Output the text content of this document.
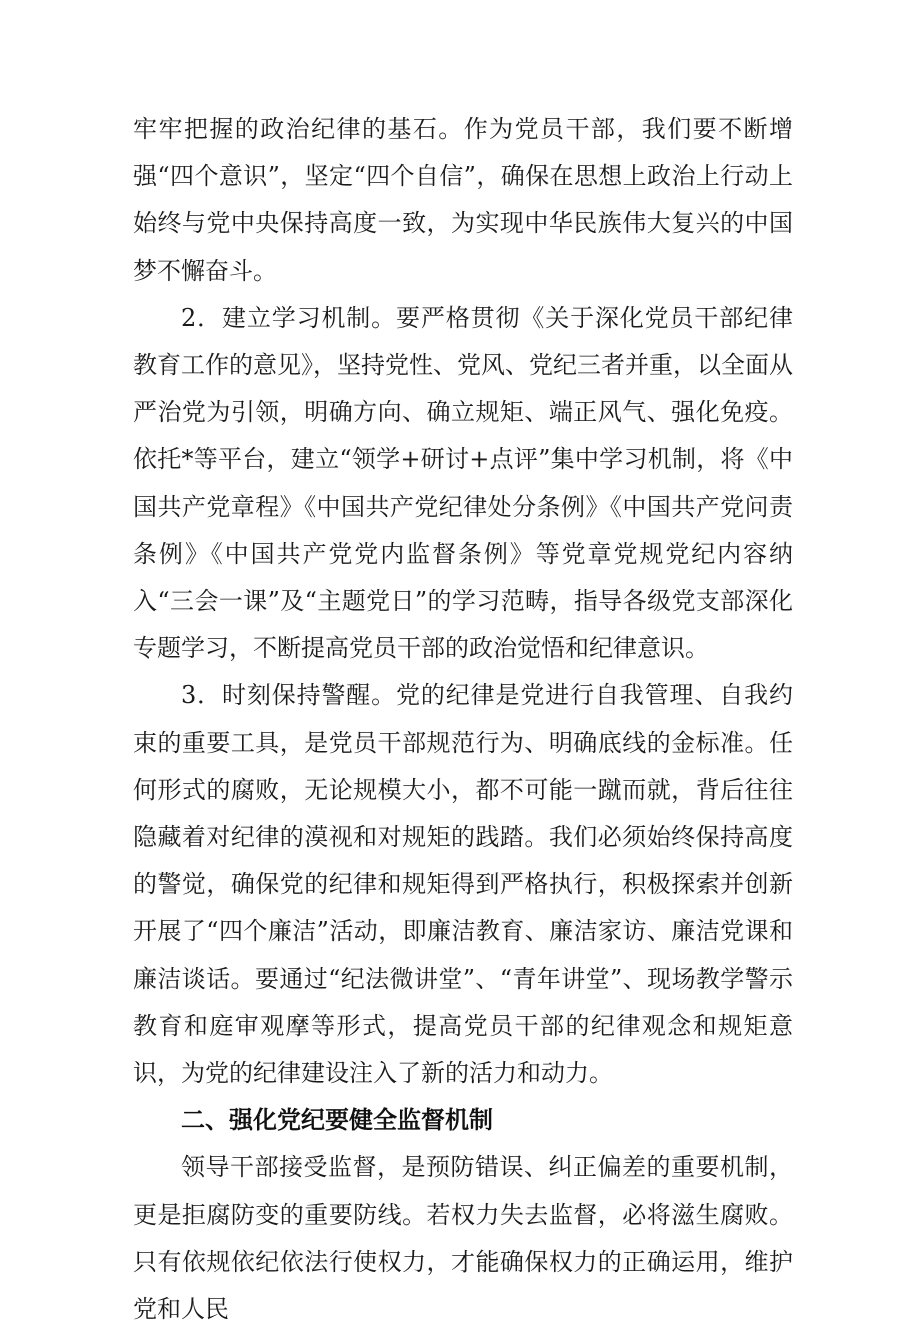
牢牢把握的政治纪律的基石。作为党员干部，我们要不断增强“四个意识”，坚定“四个自信”，确保在思想上政治上行动上始终与党中央保持高度一致，为实现中华民族伟大复兴的中国梦不懈奋斗。

2．建立学习机制。要严格贯彻《关于深化党员干部纪律教育工作的意见》，坚持党性、党风、党纪三者并重，以全面从严治党为引领，明确方向、确立规矩、端正风气、强化免疫。依托*等平台，建立“领学+研讨+点评”集中学习机制，将《中国共产党章程》《中国共产党纪律处分条例》《中国共产党问责条例》《中国共产党党内监督条例》等党章党规党纪内容纳入“三会一课”及“主题党日”的学习范畴，指导各级党支部深化专题学习，不断提高党员干部的政治觉悟和纪律意识。

3．时刻保持警醒。党的纪律是党进行自我管理、自我约束的重要工具，是党员干部规范行为、明确底线的金标准。任何形式的腐败，无论规模大小，都不可能一蹴而就，背后往往隐藏着对纪律的漠视和对规矩的践踏。我们必须始终保持高度的警觉，确保党的纪律和规矩得到严格执行，积极探索并创新开展了“四个廉洁”活动，即廉洁教育、廉洁家访、廉洁党课和廉洁谈话。要通过“纪法微讲堂”、“青年讲堂”、现场教学警示教育和庭审观摩等形式，提高党员干部的纪律观念和规矩意识，为党的纪律建设注入了新的活力和动力。

二、强化党纪要健全监督机制

领导干部接受监督，是预防错误、纠正偏差的重要机制，更是拒腐防变的重要防线。若权力失去监督，必将滋生腐败。只有依规依纪依法行使权力，才能确保权力的正确运用，维护党和人民
